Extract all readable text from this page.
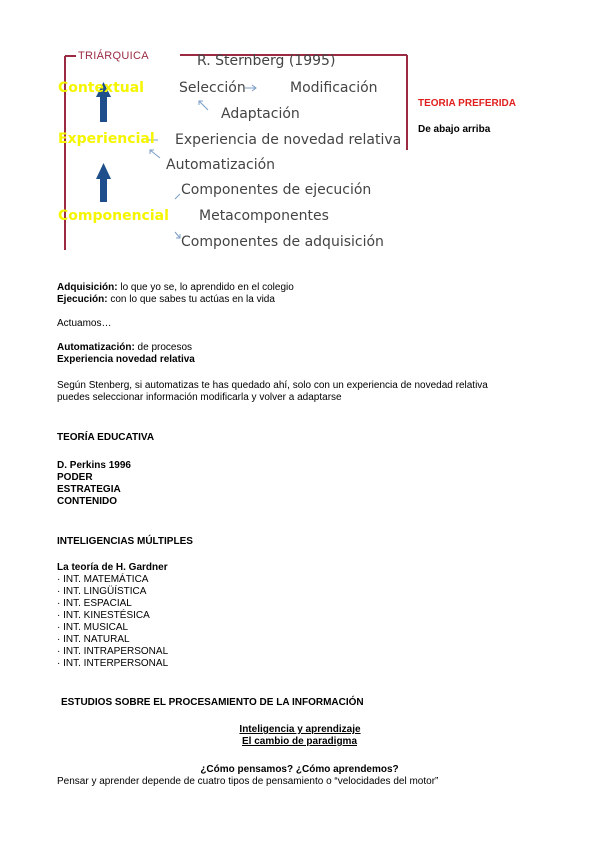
TRIÁRQUICA	R. Sternberg (1995)
Contextual
Experiencial
Componencial
Selección	Modificación
Adaptación
Experiencia de novedad relativa
Automatización
Componentes de ejecución
Metacomponentes
Componentes de adquisición
TEORIA PREFERIDA
De abajo arriba
Adquisición: lo que yo se, lo aprendido en el colegio
Ejecución: con lo que sabes tu actúas en la vida
Actuamos…
Automatización: de procesos
Experiencia novedad relativa
Según Stenberg, si automatizas te has quedado ahí, solo con un experiencia de novedad relativa
puedes seleccionar información modificarla y volver a adaptarse
TEORÍA EDUCATIVA
D. Perkins 1996
PODER
ESTRATEGIA
CONTENIDO
INTELIGENCIAS MÚLTIPLES
La teoría de H. Gardner
· INT. MATEMÁTICA
· INT. LINGÜÍSTICA
· INT. ESPACIAL
· INT. KINESTÉSICA
· INT. MUSICAL
· INT. NATURAL
· INT. INTRAPERSONAL
· INT. INTERPERSONAL
ESTUDIOS SOBRE EL PROCESAMIENTO DE LA INFORMACIÓN
Inteligencia y aprendizaje
El cambio de paradigma
¿Cómo pensamos? ¿Cómo aprendemos?
Pensar y aprender depende de cuatro tipos de pensamiento o “velocidades del motor”
